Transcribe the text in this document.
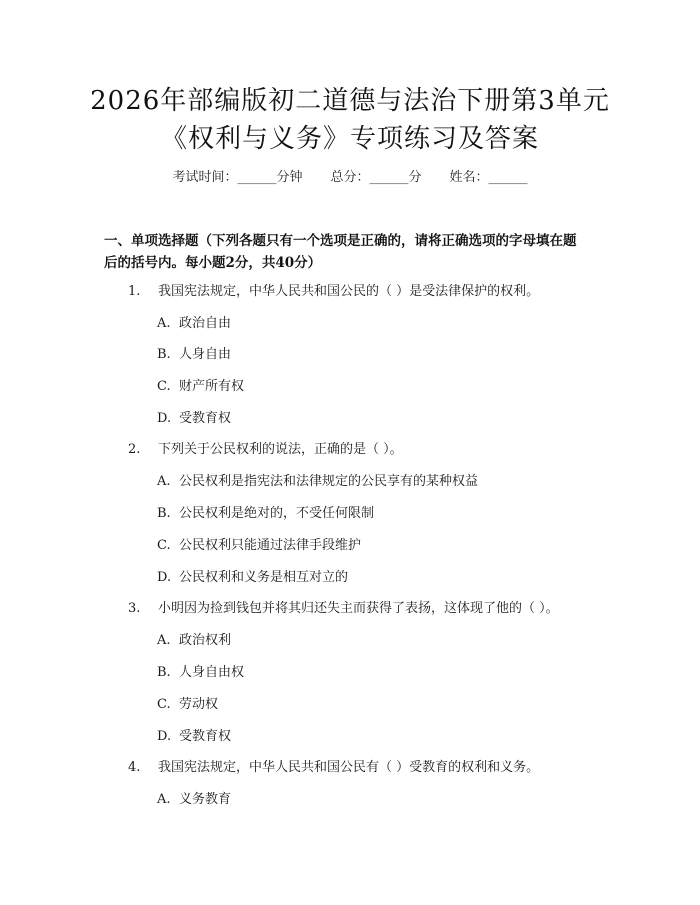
2026年部编版初二道德与法治下册第3单元
《权利与义务》专项练习及答案
考试时间：______分钟 总分：______分 姓名：______
一、单项选择题（下列各题只有一个选项是正确的，请将正确选项的字母填在题
后的括号内。每小题2分，共40分）
1. 我国宪法规定，中华人民共和国公民的（ ）是受法律保护的权利。
A. 政治自由
B. 人身自由
C. 财产所有权
D. 受教育权
2. 下列关于公民权利的说法，正确的是（ ）。
A. 公民权利是指宪法和法律规定的公民享有的某种权益
B. 公民权利是绝对的，不受任何限制
C. 公民权利只能通过法律手段维护
D. 公民权利和义务是相互对立的
3. 小明因为捡到钱包并将其归还失主而获得了表扬，这体现了他的（ ）。
A. 政治权利
B. 人身自由权
C. 劳动权
D. 受教育权
4. 我国宪法规定，中华人民共和国公民有（ ）受教育的权利和义务。
A. 义务教育
